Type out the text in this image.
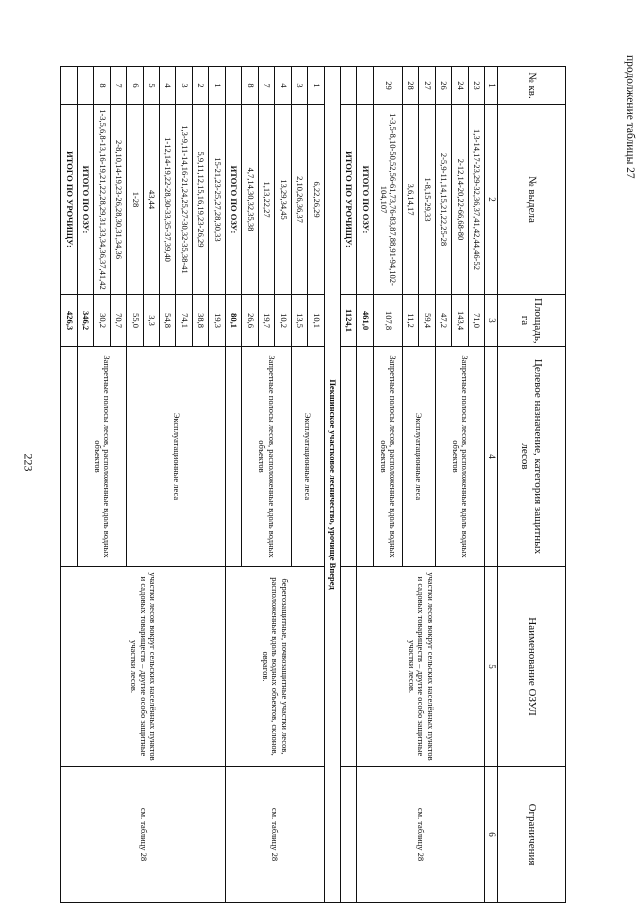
223
продолжение таблицы 27
№ кв.	№ выдела	Площадь, га	Целевое назначение, категория защитных лесов	Наименование ОЗУЛ	Ограничения
1	2	3	4	5	6
23	1,3-14,17-23,29-32,36,37,41,42,44,46-52	71,0	Запретные полосы лесов, расположенные вдоль водных объектов	участки лесов вокруг сельских населённых пунктов и садовых товариществ – другие особо защитные участки лесов.	см. таблицу 28
24	2-12,14-20,22-66,68-80	143,4			
26	2-5,9-11,14,15,21,22,25-28	47,2			
27	1-8,15-29,33	59,4	Эксплуатационные леса		
28	3,6,14,17	11,2			
29	1-3,5-8,10-50,52,56-61,73,76-83,87,88,91-94,102-104,107	107,8	Запретные полосы лесов, расположенные вдоль водных объектов		
	ИТОГО ПО ОЗУ:	461,0			
	ИТОГО ПО УРОЧИЩУ:	1124,1			
Пекшинское участковое лесничество, урочище Вперед					
1	6,22,26,29	10,1	Эксплуатационные леса	берегозащитные, почвозащитные участки лесов, расположенные вдоль водных объектов, склонов, оврагов.	см. таблицу 28
3	2,10,26,36,37	13,5			
4	13,29,34,45	10,2	Запретные полосы лесов, расположенные вдоль водных объектов		
7	1,13,22,27	19,7			
8	4,7,14,30,32,35,38	26,6			
	ИТОГО ПО ОЗУ:	80,1			
1	15-21,23-25,27,28,30,33	19,3	Эксплуатационные леса	участки лесов вокруг сельских населённых пунктов и садовых товариществ – другие особо защитные участки лесов.	см. таблицу 28
2	5,9,11,12,15,16,19,23-26,29	38,8			
3	1,3-9,11-14,16-21,24,25,27-30,32-35,38-41	74,1			
4	1-12,14-19,22-28,30-33,35-37,39,40	54,8			
5	43,44	3,3			
6	1-28	55,0			
7	2-8,10,14-19,23-26,28,30,31,34,36	70,7	Запретные полосы лесов, расположенные вдоль водных объектов		
8	1-3,5,6,8-13,16-19,21,22,28,29,31,33,34,36,37,41,42	30,2			
	ИТОГО ПО ОЗУ:	346,2			
	ИТОГО ПО УРОЧИЩУ:	426,3			
